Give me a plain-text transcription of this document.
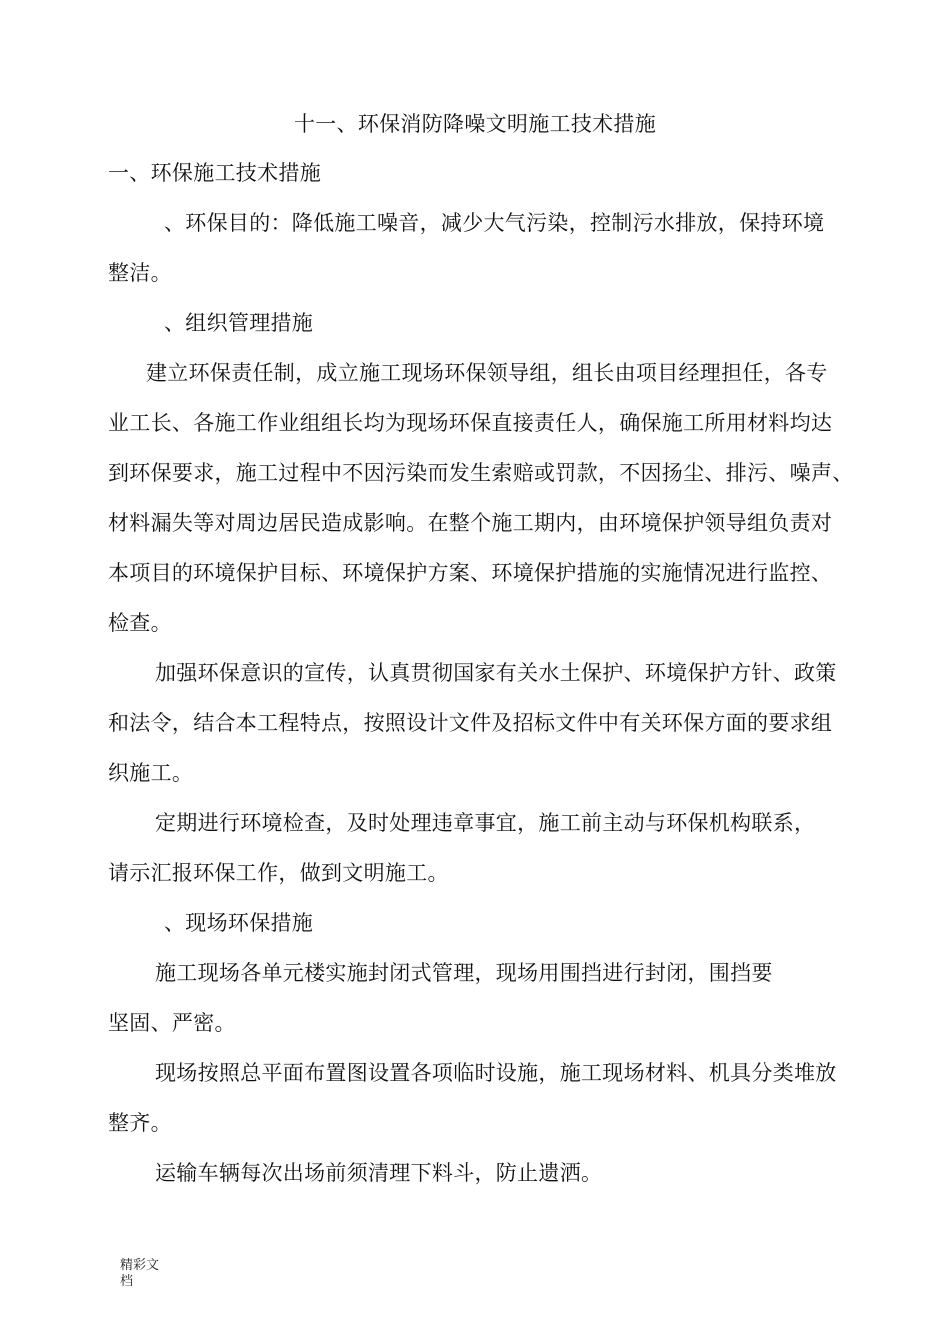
十一、环保消防降噪文明施工技术措施
一、环保施工技术措施
、环保目的：降低施工噪音，减少大气污染，控制污水排放，保持环境
整洁。
、组织管理措施
建立环保责任制，成立施工现场环保领导组，组长由项目经理担任，各专
业工长、各施工作业组组长均为现场环保直接责任人，确保施工所用材料均达
到环保要求，施工过程中不因污染而发生索赔或罚款，不因扬尘、排污、噪声、
材料漏失等对周边居民造成影响。在整个施工期内，由环境保护领导组负责对
本项目的环境保护目标、环境保护方案、环境保护措施的实施情况进行监控、
检查。
加强环保意识的宣传，认真贯彻国家有关水土保护、环境保护方针、政策
和法令，结合本工程特点，按照设计文件及招标文件中有关环保方面的要求组
织施工。
定期进行环境检查，及时处理违章事宜，施工前主动与环保机构联系，
请示汇报环保工作，做到文明施工。
、现场环保措施
施工现场各单元楼实施封闭式管理，现场用围挡进行封闭，围挡要
坚固、严密。
现场按照总平面布置图设置各项临时设施，施工现场材料、机具分类堆放
整齐。
运输车辆每次出场前须清理下料斗，防止遗洒。
精彩文档
